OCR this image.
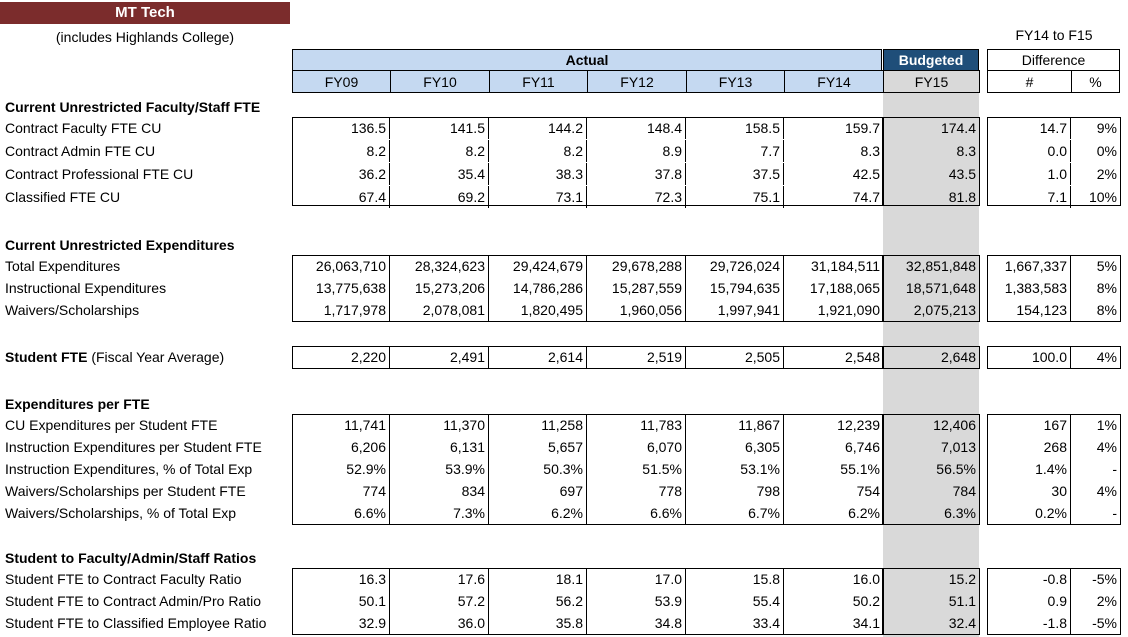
MT Tech
(includes Highlands College)	FY14 to F15
Actual	Budgeted	Difference
FY09	FY10	FY11	FY12	FY13	FY14	FY15	#	%
Current Unrestricted Faculty/Staff FTE
Contract Faculty FTE CU	136.5	141.5	144.2	148.4	158.5	159.7	174.4	14.7	9%
Contract Admin FTE CU	8.2	8.2	8.2	8.9	7.7	8.3	8.3	0.0	0%
Contract Professional FTE CU	36.2	35.4	38.3	37.8	37.5	42.5	43.5	1.0	2%
Classified FTE CU	67.4	69.2	73.1	72.3	75.1	74.7	81.8	7.1	10%
Current Unrestricted Expenditures
Total Expenditures	26,063,710	28,324,623	29,424,679	29,678,288	29,726,024	31,184,511	32,851,848	1,667,337	5%
Instructional Expenditures	13,775,638	15,273,206	14,786,286	15,287,559	15,794,635	17,188,065	18,571,648	1,383,583	8%
Waivers/Scholarships	1,717,978	2,078,081	1,820,495	1,960,056	1,997,941	1,921,090	2,075,213	154,123	8%
Student FTE (Fiscal Year Average)	2,220	2,491	2,614	2,519	2,505	2,548	2,648	100.0	4%
Expenditures per FTE
CU Expenditures per Student FTE	11,741	11,370	11,258	11,783	11,867	12,239	12,406	167	1%
Instruction Expenditures per Student FTE	6,206	6,131	5,657	6,070	6,305	6,746	7,013	268	4%
Instruction Expenditures, % of Total Exp	52.9%	53.9%	50.3%	51.5%	53.1%	55.1%	56.5%	1.4%	-
Waivers/Scholarships per Student FTE	774	834	697	778	798	754	784	30	4%
Waivers/Scholarships, % of Total Exp	6.6%	7.3%	6.2%	6.6%	6.7%	6.2%	6.3%	0.2%	-
Student to Faculty/Admin/Staff Ratios
Student FTE to Contract Faculty Ratio	16.3	17.6	18.1	17.0	15.8	16.0	15.2	-0.8	-5%
Student FTE to Contract Admin/Pro Ratio	50.1	57.2	56.2	53.9	55.4	50.2	51.1	0.9	2%
Student FTE to Classified Employee Ratio	32.9	36.0	35.8	34.8	33.4	34.1	32.4	-1.8	-5%
